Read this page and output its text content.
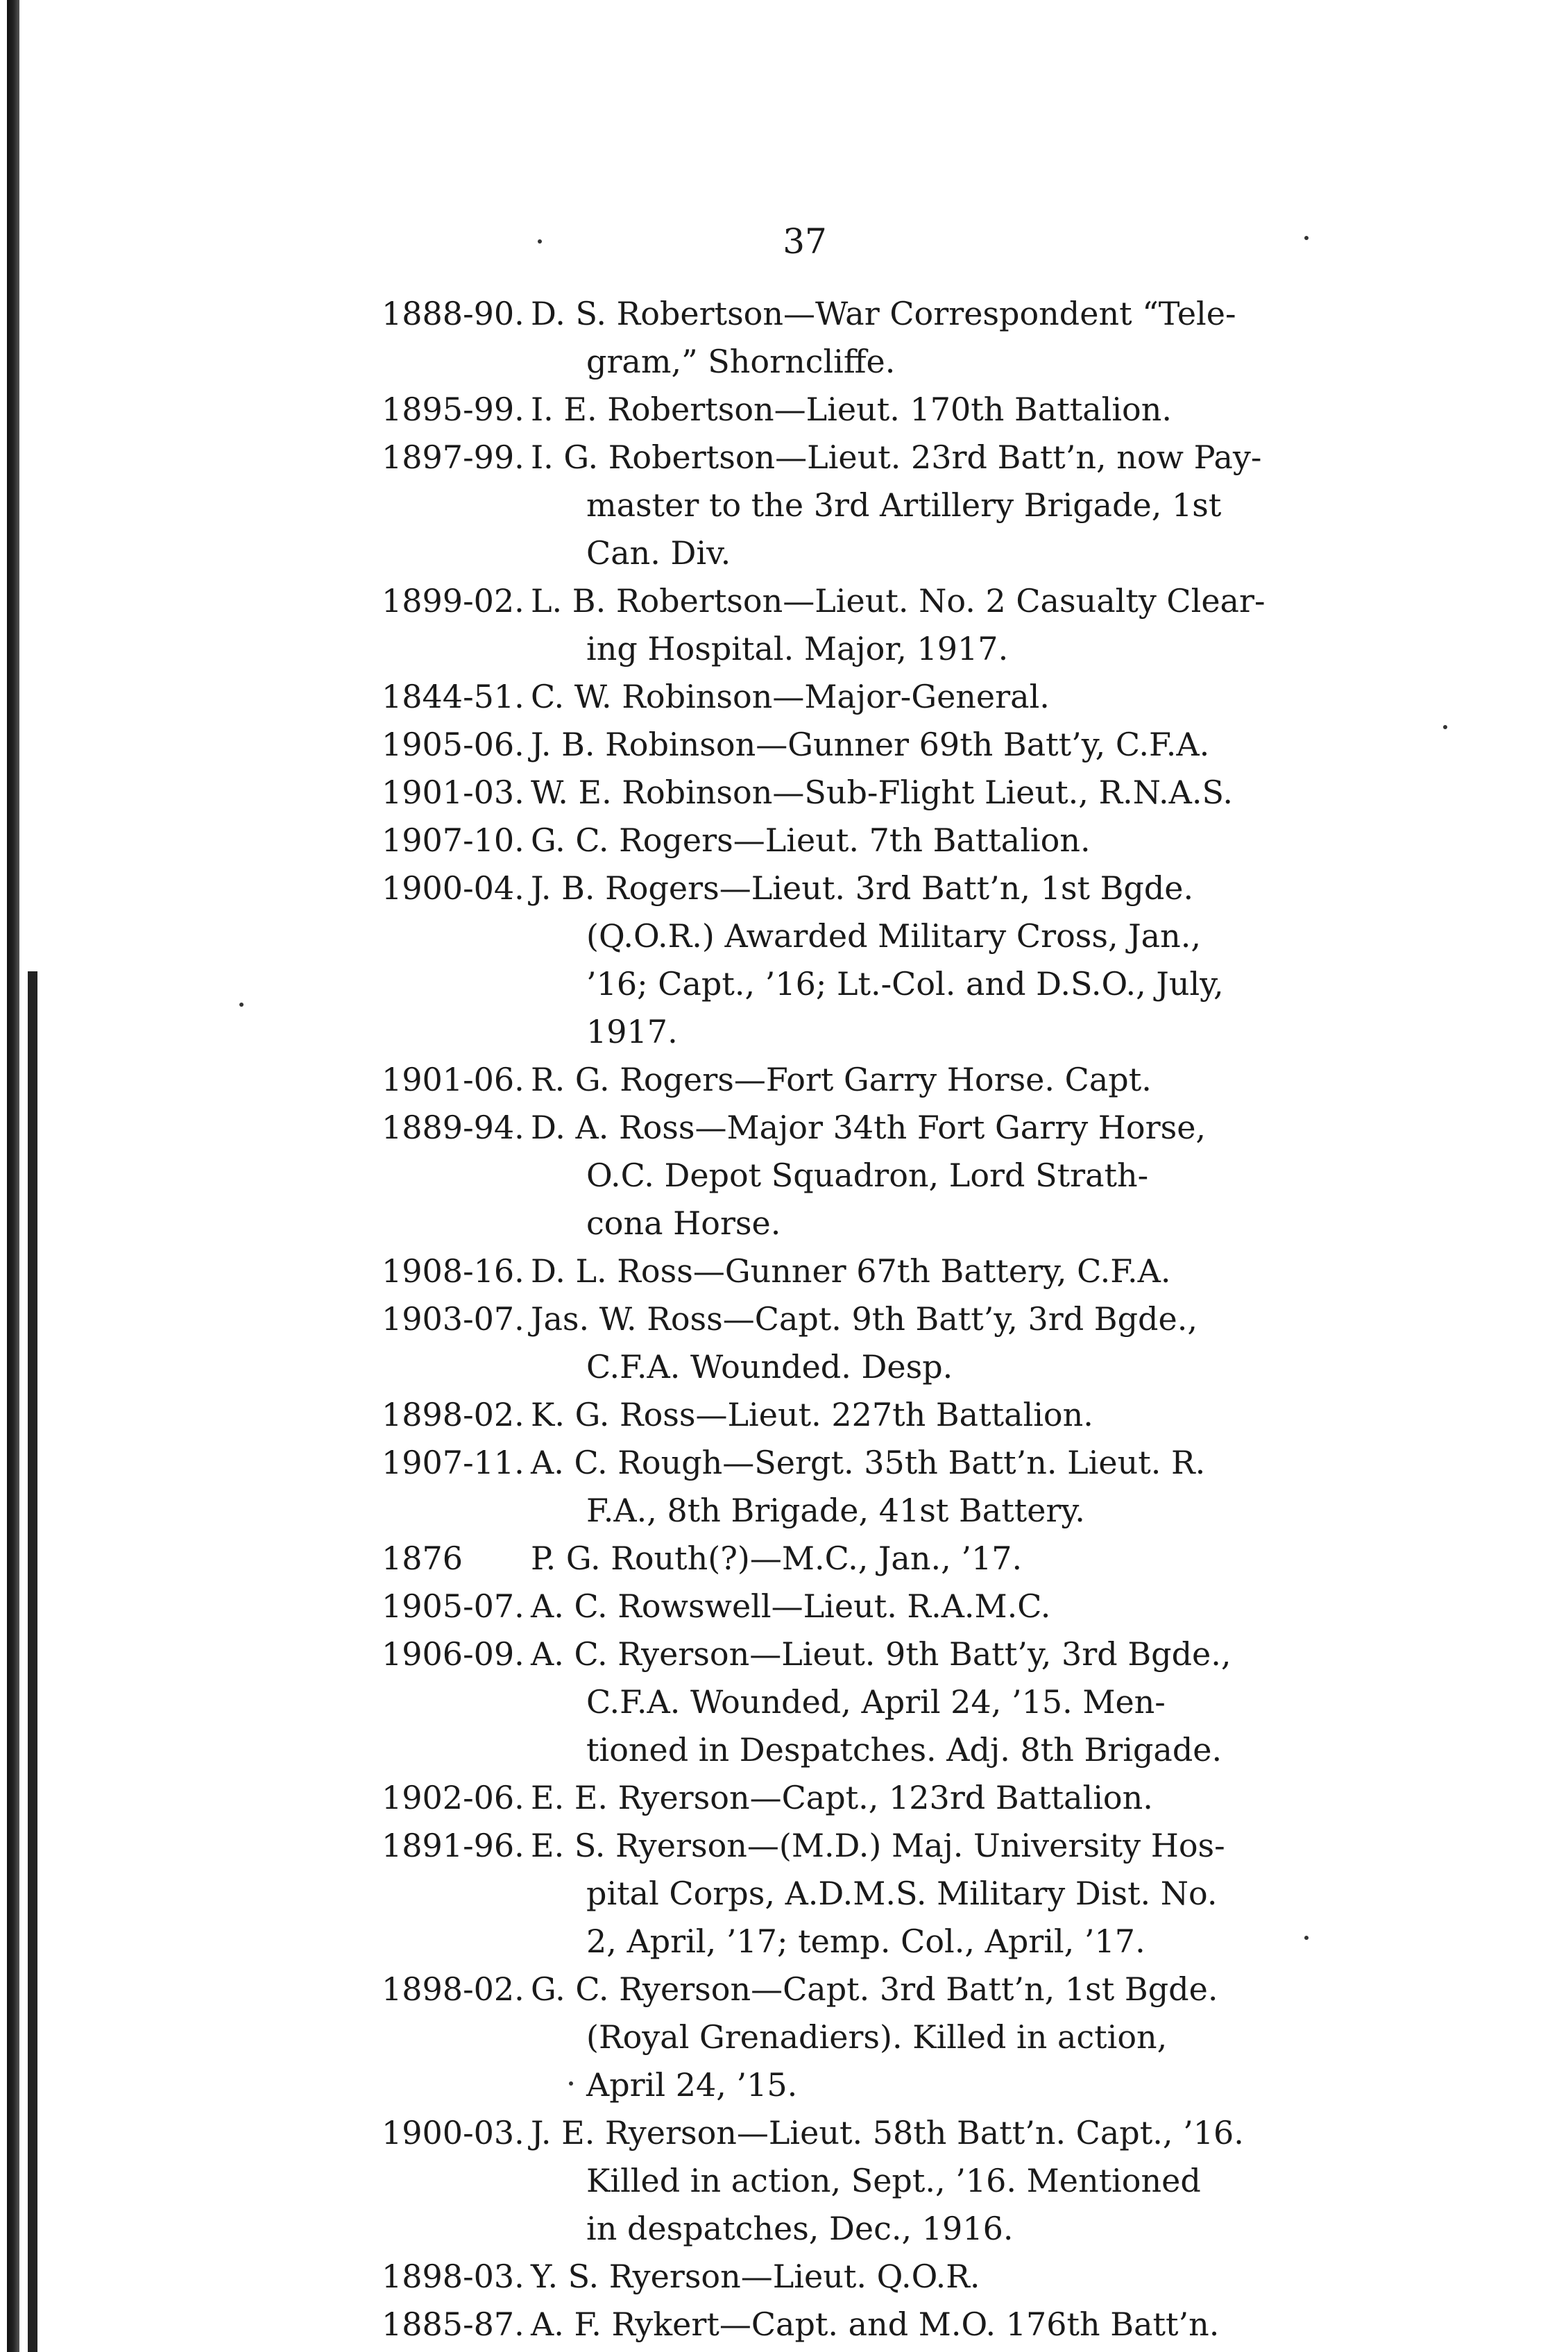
37
1888-90. D. S. Robertson—War Correspondent “Tele-
gram,” Shorncliffe.
1895-99. I. E. Robertson—Lieut. 170th Battalion.
1897-99. I. G. Robertson—Lieut. 23rd Batt’n, now Pay-
master to the 3rd Artillery Brigade, 1st
Can. Div.
1899-02. L. B. Robertson—Lieut. No. 2 Casualty Clear-
ing Hospital. Major, 1917.
1844-51. C. W. Robinson—Major-General.
1905-06. J. B. Robinson—Gunner 69th Batt’y, C.F.A.
1901-03. W. E. Robinson—Sub-Flight Lieut., R.N.A.S.
1907-10. G. C. Rogers—Lieut. 7th Battalion.
1900-04. J. B. Rogers—Lieut. 3rd Batt’n, 1st Bgde.
(Q.O.R.) Awarded Military Cross, Jan.,
’16; Capt., ’16; Lt.-Col. and D.S.O., July,
1917.
1901-06. R. G. Rogers—Fort Garry Horse. Capt.
1889-94. D. A. Ross—Major 34th Fort Garry Horse,
O.C. Depot Squadron, Lord Strath-
cona Horse.
1908-16. D. L. Ross—Gunner 67th Battery, C.F.A.
1903-07. Jas. W. Ross—Capt. 9th Batt’y, 3rd Bgde.,
C.F.A. Wounded. Desp.
1898-02. K. G. Ross—Lieut. 227th Battalion.
1907-11. A. C. Rough—Sergt. 35th Batt’n. Lieut. R.
F.A., 8th Brigade, 41st Battery.
1876	P. G. Routh(?)—M.C., Jan., ’17.
1905-07. A. C. Rowswell—Lieut. R.A.M.C.
1906-09. A. C. Ryerson—Lieut. 9th Batt’y, 3rd Bgde.,
C.F.A. Wounded, April 24, ’15. Men-
tioned in Despatches. Adj. 8th Brigade.
1902-06. E. E. Ryerson—Capt., 123rd Battalion.
1891-96. E. S. Ryerson—(M.D.) Maj. University Hos-
pital Corps, A.D.M.S. Military Dist. No.
2, April, ’17; temp. Col., April, ’17.
1898-02. G. C. Ryerson—Capt. 3rd Batt’n, 1st Bgde.
(Royal Grenadiers). Killed in action,
April 24, ’15.
1900-03. J. E. Ryerson—Lieut. 58th Batt’n. Capt., ’16.
Killed in action, Sept., ’16. Mentioned
in despatches, Dec., 1916.
1898-03. Y. S. Ryerson—Lieut. Q.O.R.
1885-87. A. F. Rykert—Capt. and M.O. 176th Batt’n.
